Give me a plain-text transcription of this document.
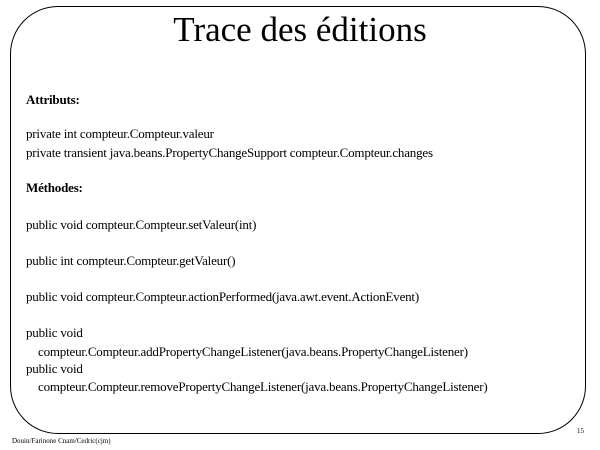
Trace des éditions
Attributs:
private int compteur.Compteur.valeur
private transient java.beans.PropertyChangeSupport compteur.Compteur.changes
Méthodes:
public void compteur.Compteur.setValeur(int)
public int compteur.Compteur.getValeur()
public void compteur.Compteur.actionPerformed(java.awt.event.ActionEvent)
public void
compteur.Compteur.addPropertyChangeListener(java.beans.PropertyChangeListener)
public void
compteur.Compteur.removePropertyChangeListener(java.beans.PropertyChangeListener)
Douin/Farinone Cnam/Cedric(cjm)
15
